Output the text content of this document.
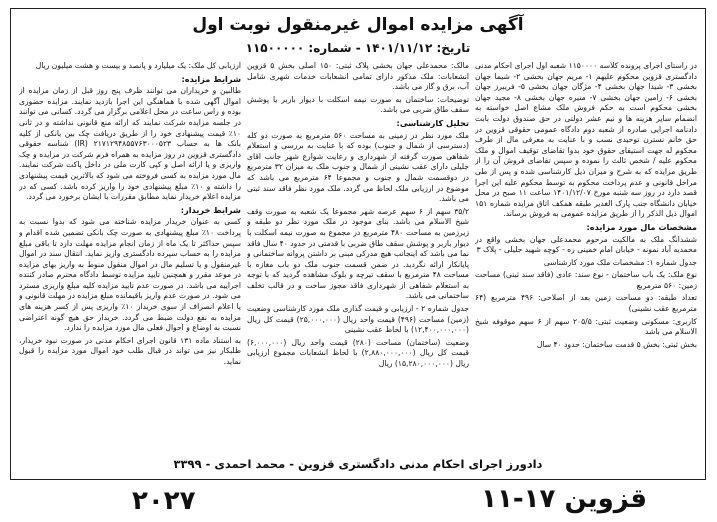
آگهی مزایده اموال غیرمنقول نوبت اول
تاریخ: ۱۴۰۱/۱۱/۱۲ - شماره: ۱۱۵۰۰۰۰۰

در راستای اجرای پرونده کلاسه ۱۱۵۰۰۰۰ شعبه اول اجرای احکام مدنی دادگستری قزوین محکوم علیهم ۱- مریم جهان بخشی ۲- شیما جهان بخشی ۳- شیدا جهان بخشی ۴- مژگان جهان بخشی ۵- فریبرز جهان بخشی ۶- رامین جهان بخشی ۷- منیره جهان بخشی ۸- مجید جهان بخشی محکوم است به حکم فروش ملک مشاع اصل خواسته به انضمام سایر هزینه ها و نیم عشر دولتی در حق صندوق دولت بابت دادنامه اجرایی صادره از شعبه دوم دادگاه عمومی حقوقی قزوین در حق خانم نسترن توحیدی نسب و با عنایت به معرفی مال از طرف محکوم له جهت استیفای حقوق خود بدوا تقاضای توقیف اموال و ملک محکوم علیه / شخص ثالث را نموده و سپس تقاضای فروش آن را از طریق مزایده که به شرح و میزان ذیل کارشناسی شده و پس از طی مراحل قانونی و عدم پرداخت محکوم به توسط محکوم علیه این اجرا قصد دارد در روز سه شنبه مورخ ۱۴۰۱/۱۲/۰۷ ساعت ۱۱ صبح در محل خیابان دانشگاه جنب پارک الغدیر طبقه همکف اتاق مزایده شماره ۱۵۱ اموال ذیل الذکر را از طریق مزایده عمومی به فروش برساند.

مشخصات مال مورد مزایده:

ششدانگ ملک به مالکیت مرحوم محمدعلی جهان بخشی واقع در محمدیه آباد نمونه - خیابان امام خمینی ره - کوچه شهید جلیلی - پلاک ۳

جدول شماره ۱: مشخصات ملک مورد کارشناسی

نوع ملک: یک باب ساختمان - نوع سند: عادی (فاقد سند ثبتی) مساحت زمین: ۵۶۰ مترمربع

تعداد طبقه: دو مساحت زمین بعد از اصلاحی: ۴۹۶ مترمربع (۶۴ مترمربع عقب نشینی)

کاربری: مسکونی وضعیت ثبتی: ۲۰۵/۵ سهم از ۶ سهم موقوفه شیخ الاسلام می باشد

بخش ثبتی: بخش ۵ قدمت ساختمان: حدود ۴۰ سال

مالک: محمدعلی جهان بخشی پلاک ثبتی: ۱۵۰ اصلی بخش ۵ قزوین انشعابات: ملک مذکور دارای تمامی انشعابات خدمات شهری شامل آب، برق و گاز می باشد.

توضیحات: ساختمان به صورت نیمه اسکلت با دیوار باربر یا پوشش سقف طاق ضربی می باشد.

تحلیل کارشناسی:

ملک مورد نظر در زمینی به مساحت ۵۶۰ مترمربع به صورت دو کله (دسترسی از شمال و جنوب) بوده که با عنایت به بررسی و استعلام شفاهی صورت گرفته از شهرداری و رعایت شوارع شهر جانب اقای جلیلی دارای عقب نشینی از شمال و جنوب ملک به میزان ۳۲ مترمربع در دوقسمت شمال و جنوب و مجموعا ۶۴ مترمربع می باشد که موضوع در ارزیابی ملک لحاظ می گردد. ملک مورد نظر فاقد سند ثبتی می باشد.

۳۵/۲ سهم از ۶ سهم عرصه شهر مجموعا یک شعبه به صورت وقف شیخ الاسلام می باشد. بنای موجود در ملک مورد نظر دو طبقه و زیرزمین به مساحت ۴۸۰ مترمربع در مجموع به صورت نیمه اسکلت با دیوار باربر و پوشش سقف طاق ضربی با قدمتی در حدود ۴۰ سال فاقد نما می باشد که اینجانب هیچ مدرکی مبنی بر داشتن پروانه ساختمانی و پایانکار ارائه نگردید. در ضمن قسمت جنوب ملک دو باب مغازه با مساحت ۴۸ مترمربع با سقف تیرچه و بلوک مشاهده گردید که با توجه به استعلام شفاهی از شهرداری فاقد مجوز ساخت و در قالب تخلف ساختمانی می باشد.

جدول شماره ۲ - ارزیابی و قیمت گذاری ملک مورد کارشناسی وضعیت (زمین) مساحت (۴۹۶) قیمت واحد ریال (۲۵,۰۰۰,۰۰۰) قیمت کل ریال (۱۲,۴۰۰,۰۰۰,۰۰۰) با لحاظ عقب نشینی

وضعیت (ساختمان) مساحت (۲۸۰) قیمت واحد ریال (۶,۰۰۰,۰۰۰) قیمت کل ریال (۲,۸۸۰,۰۰۰,۰۰۰) با لحاظ انشعابات مجموع ارزیابی ریال (۱۵,۲۸۰,۰۰۰,۰۰۰) ریال

ارزیابی کل ملک: یک میلیارد و پانصد و بیست و هشت میلیون ریال

شرایط مزایده:

طالبین و خریداران می توانند ظرف پنج روز قبل از زمان مزایده از اموال آگهی شده با هماهنگی این اجرا بازدید نمایند. مزایده حضوری بوده و راس ساعت در محل اعلامی برگزار می گردد. کسانی می توانند در جلسه مزایده شرکت نمایند که ارائه منع قانونی نداشته و در ثانی ۱۰٪ قیمت پیشنهادی خود را از طریق دریافت چک بین بانکی از کلیه بانک ها به حساب ۲۱۷۱۲۹۴۸۵۵۷۶۳۰۰۰۵۲۳ (IR) شناسه حقوقی دادگستری قزوین در روز مزایده به همراه فرم شرکت در مزایده و چک واریزی و یا ارائه اصل و کپی کارت ملی در داخل پاکت شرکت نمایند. مال مورد مزایده به کسی فروخته می شود که بالاترین قیمت پیشنهادی را داشته و ۱۰٪ مبلغ پیشنهادی خود را واریز کرده باشد. کسی که در مزایده اعلام خریدار نماید مطابق مقررات با ایشان برخورد می گردد.

شرایط خریدار:

کسی به عنوان خریدار مزایده شناخته می شود که بدوا نسبت به پرداخت ۱۰٪ مبلغ پیشنهادی به صورت چک بانکی تضمین شده اقدام و سپس حداکثر تا یک ماه از زمان انجام مزایده مهلت دارد تا باقی مبلغ مزایده را به حساب سپرده دادگستری واریز نماید. انتقال سند در اموال غیرمنقول و یا تسلیم مال در اموال منقول منوط به واریز بهای مزایده در موعد مقرر و همچنین تایید مزایده توسط دادگاه محترم صادر کننده اجراییه می باشد. در صورت عدم تایید مزایده کلیه مبلغ واریزی مسترد می شود. در صورت عدم واریز باقیمانده مبلغ مزایده در مهلت قانونی و یا اعلام انصراف از سوی خریدار ۱۰٪ واریزی پس از کسر هزینه های مزایده به نفع دولت ضبط می گردد. خریدار حق هیچ گونه اعتراضی نسبت به اوضاع و احوال فعلی مال مورد مزایده را ندارد.

به استناد ماده ۱۳۱ قانون اجرای احکام مدنی در صورت نبود خریدار، طلبکار نیز می تواند در قبال طلب خود اموال مورد مزایده را قبول نماید.

دادورز اجرای احکام مدنی دادگستری قزوین - محمد احمدی - ۳۳۹۹
قزوین ۱۷-۱۱
۲۰۲۷
